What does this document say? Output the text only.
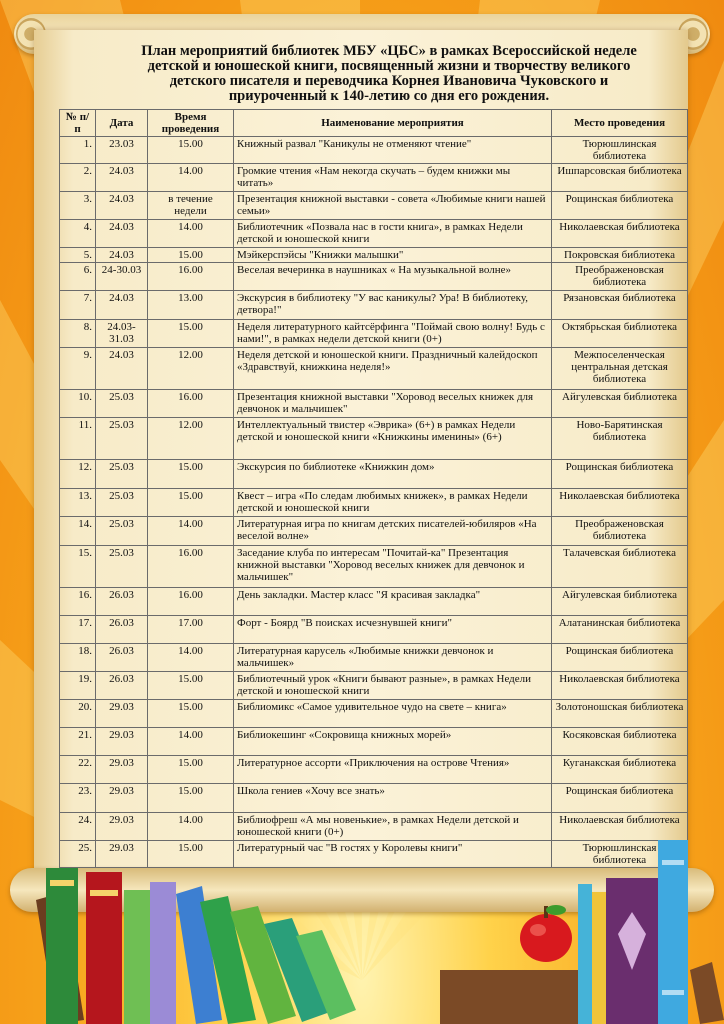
План мероприятий библиотек МБУ «ЦБС» в рамках Всероссийской неделе детской и юношеской книги, посвященный жизни и творчеству великого детского писателя и переводчика Корнея Ивановича Чуковского и приуроченный к 140-летию со дня его рождения.
№ п/п	Дата	Время проведения	Наименование мероприятия	Место проведения
1.	23.03	15.00	Книжный развал "Каникулы не отменяют чтение"	Тюрюшлинская библиотека
2.	24.03	14.00	Громкие чтения «Нам некогда скучать – будем книжки мы читать»	Ишпарсовская библиотека
3.	24.03	в течение недели	Презентация книжной выставки - совета «Любимые книги нашей семьи»	Рощинская библиотека
4.	24.03	14.00	Библиотечник «Позвала нас в гости книга», в рамках Недели детской и юношеской книги	Николаевская библиотека
5.	24.03	15.00	Мэйкерспэйсы "Книжки малышки"	Покровская библиотека
6.	24-30.03	16.00	Веселая вечеринка в наушниках « На музыкальной волне»	Преображеновская библиотека
7.	24.03	13.00	Экскурсия в библиотеку "У вас каникулы? Ура! В библиотеку, детвора!"	Рязановская библиотека
8.	24.03-31.03	15.00	Неделя литературного кайтсёрфинга "Поймай свою волну! Будь с нами!", в рамках недели детской книги (0+)	Октябрьская библиотека
9.	24.03	12.00	Неделя детской и юношеской книги. Праздничный калейдоскоп «Здравствуй, книжкина неделя!»	Межпоселенческая центральная детская библиотека
10.	25.03	16.00	Презентация книжной выставки "Хоровод веселых книжек для девчонок и мальчишек"	Айгулевская библиотека
11.	25.03	12.00	Интеллектуальный твистер «Эврика» (6+) в рамках Недели детской и юношеской книги «Книжкины именины» (6+)	Ново-Барятинская библиотека
12.	25.03	15.00	Экскурсия по библиотеке «Книжкин дом»	Рощинская библиотека
13.	25.03	15.00	Квест – игра «По следам любимых книжек», в рамках Недели детской и юношеской книги	Николаевская библиотека
14.	25.03	14.00	Литературная игра по книгам детских писателей-юбиляров «На веселой волне»	Преображеновская библиотека
15.	25.03	16.00	Заседание клуба по интересам "Почитай-ка" Презентация книжной выставки "Хоровод веселых книжек для девчонок и мальчишек"	Талачевская библиотека
16.	26.03	16.00	День закладки. Мастер класс "Я красивая закладка"	Айгулевская библиотека
17.	26.03	17.00	Форт - Боярд "В поисках исчезнувшей книги"	Алатанинская библиотека
18.	26.03	14.00	Литературная карусель «Любимые книжки девчонок и мальчишек»	Рощинская библиотека
19.	26.03	15.00	Библиотечный урок «Книги бывают разные», в рамках Недели детской и юношеской книги	Николаевская библиотека
20.	29.03	15.00	Библиомикс «Самое удивительное чудо на свете – книга»	Золотоношская библиотека
21.	29.03	14.00	Библиокешинг «Сокровища книжных морей»	Косяковская библиотека
22.	29.03	15.00	Литературное ассорти «Приключения на острове Чтения»	Куганакская библиотека
23.	29.03	15.00	Школа гениев «Хочу все знать»	Рощинская библиотека
24.	29.03	14.00	Библиофреш «А мы новенькие», в рамках Недели детской и юношеской книги (0+)	Николаевская библиотека
25.	29.03	15.00	Литературный час "В гостях у Королевы книги"	Тюрюшлинская библиотека
